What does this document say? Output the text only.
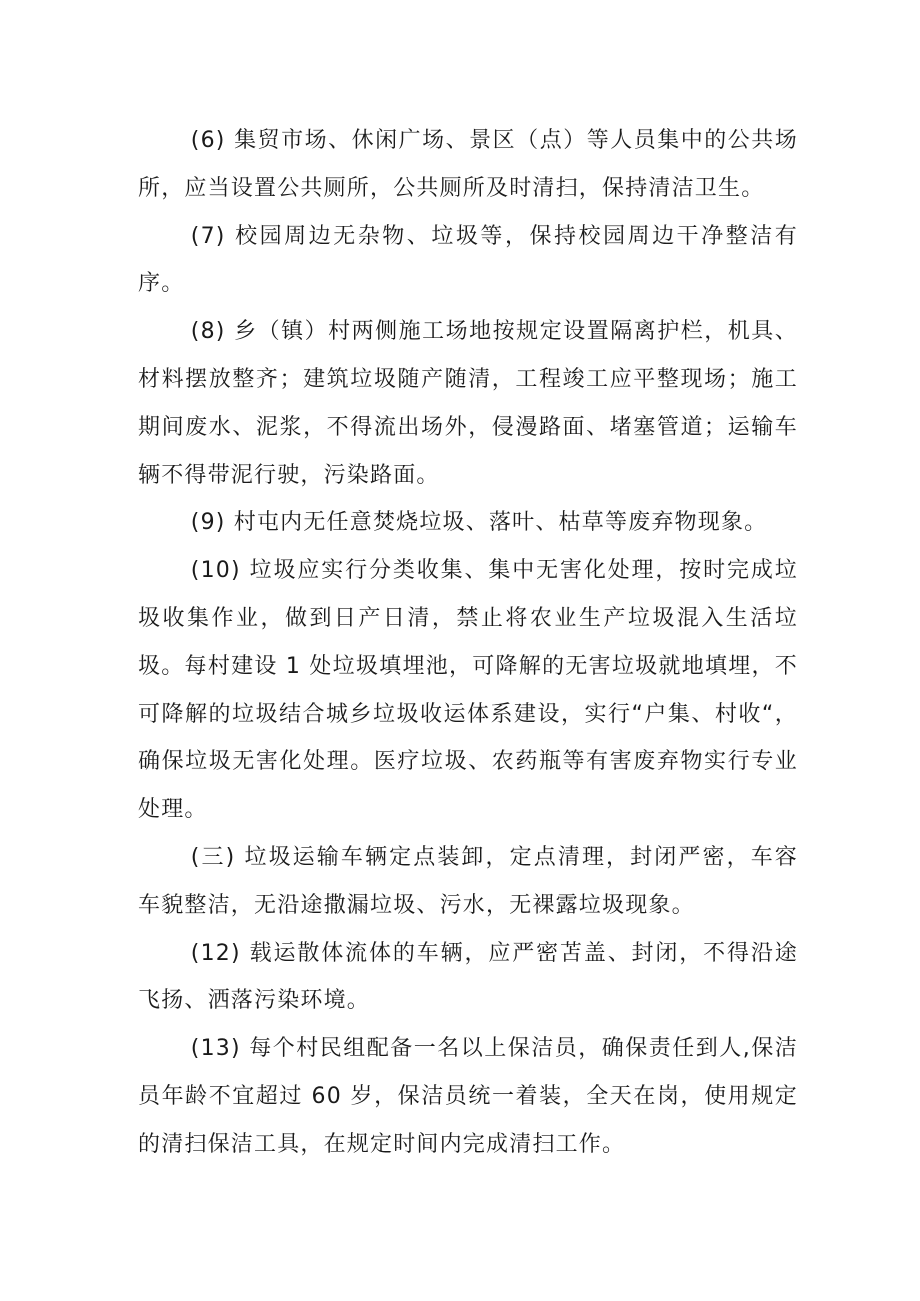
(6) 集贸市场、休闲广场、景区（点）等人员集中的公共场所，应当设置公共厕所，公共厕所及时清扫，保持清洁卫生。

(7) 校园周边无杂物、垃圾等，保持校园周边干净整洁有序。

(8) 乡（镇）村两侧施工场地按规定设置隔离护栏，机具、材料摆放整齐；建筑垃圾随产随清，工程竣工应平整现场；施工期间废水、泥浆，不得流出场外，侵漫路面、堵塞管道；运输车辆不得带泥行驶，污染路面。

(9) 村屯内无任意焚烧垃圾、落叶、枯草等废弃物现象。

(10) 垃圾应实行分类收集、集中无害化处理，按时完成垃圾收集作业，做到日产日清，禁止将农业生产垃圾混入生活垃圾。每村建设 1 处垃圾填埋池，可降解的无害垃圾就地填埋，不可降解的垃圾结合城乡垃圾收运体系建设，实行“户集、村收“，确保垃圾无害化处理。医疗垃圾、农药瓶等有害废弃物实行专业处理。

(三) 垃圾运输车辆定点装卸，定点清理，封闭严密，车容车貌整洁，无沿途撒漏垃圾、污水，无裸露垃圾现象。

(12) 载运散体流体的车辆，应严密苫盖、封闭，不得沿途飞扬、洒落污染环境。

(13) 每个村民组配备一名以上保洁员，确保责任到人,保洁员年龄不宜超过 60 岁，保洁员统一着装，全天在岗，使用规定的清扫保洁工具，在规定时间内完成清扫工作。
